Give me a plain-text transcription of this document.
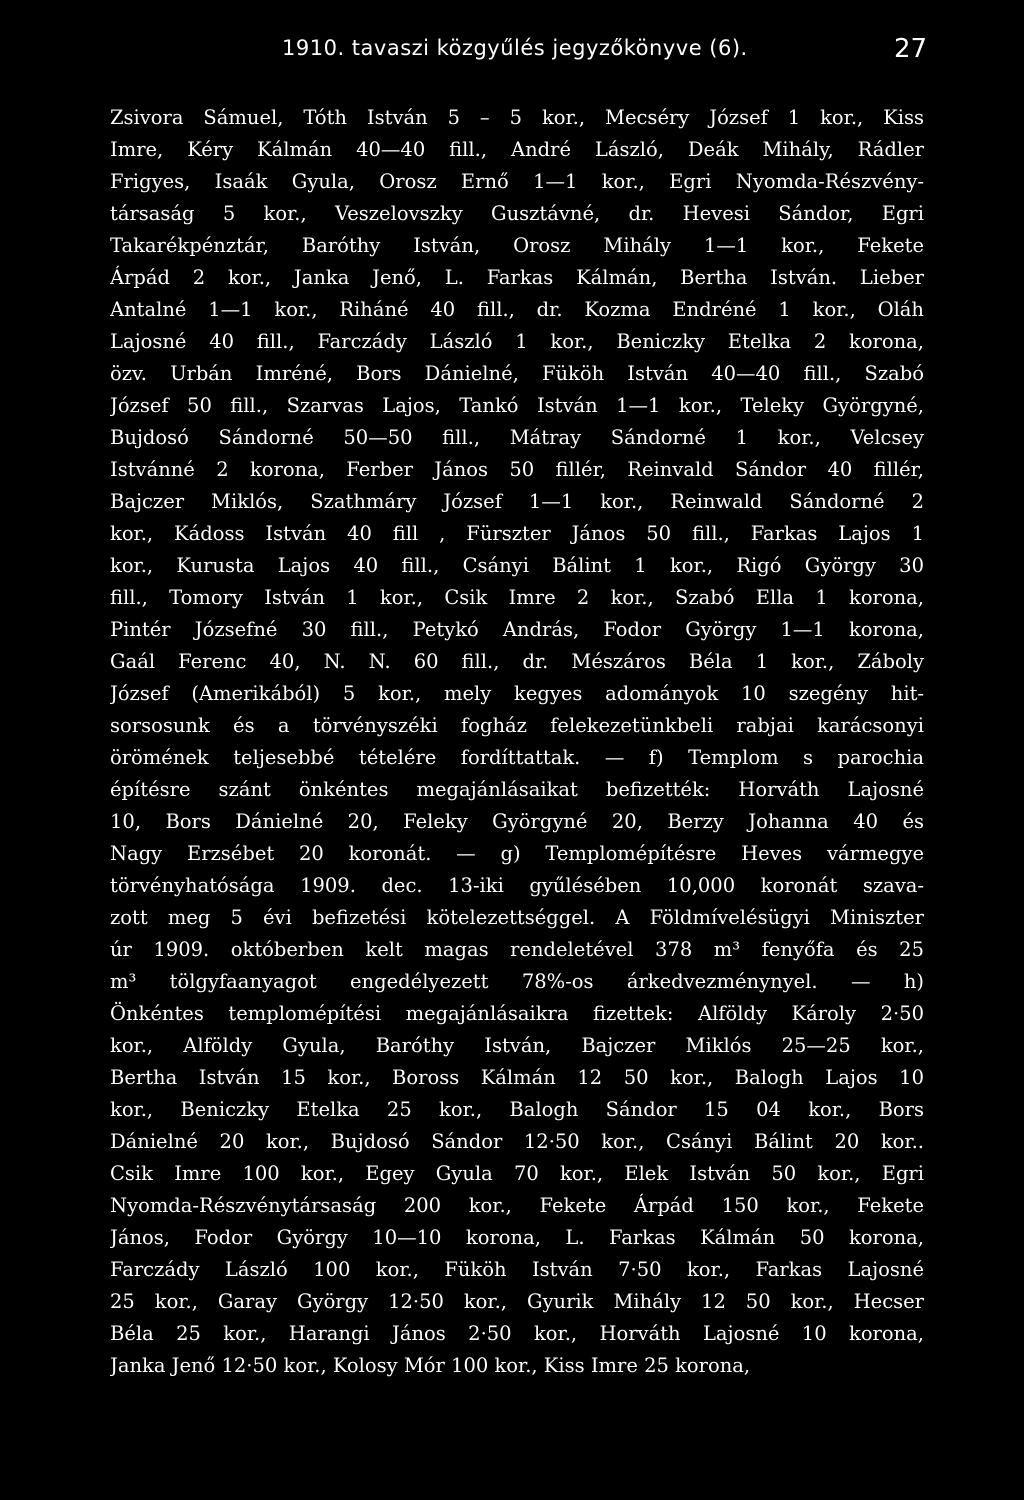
1910. tavaszi közgyűlés jegyzőkönyve (6).	27
Zsivora Sámuel, Tóth István 5 – 5 kor., Mecséry József 1 kor., Kiss
Imre, Kéry Kálmán 40—40 fill., André László, Deák Mihály, Rádler
Frigyes, Isaák Gyula, Orosz Ernő 1—1 kor., Egri Nyomda-Részvény-
társaság 5 kor., Veszelovszky Gusztávné, dr. Hevesi Sándor, Egri
Takarékpénztár, Baróthy István, Orosz Mihály 1—1 kor., Fekete
Árpád 2 kor., Janka Jenő, L. Farkas Kálmán, Bertha István. Lieber
Antalné 1—1 kor., Riháné 40 fill., dr. Kozma Endréné 1 kor., Oláh
Lajosné 40 fill., Farczády László 1 kor., Beniczky Etelka 2 korona,
özv. Urbán Imréné, Bors Dánielné, Füköh István 40—40 fill., Szabó
József 50 fill., Szarvas Lajos, Tankó István 1—1 kor., Teleky Györgyné,
Bujdosó Sándorné 50—50 fill., Mátray Sándorné 1 kor., Velcsey
Istvánné 2 korona, Ferber János 50 fillér, Reinvald Sándor 40 fillér,
Bajczer Miklós, Szathmáry József 1—1 kor., Reinwald Sándorné 2
kor., Kádoss István 40 fill , Fürszter János 50 fill., Farkas Lajos 1
kor., Kurusta Lajos 40 fill., Csányi Bálint 1 kor., Rigó György 30
fill., Tomory István 1 kor., Csik Imre 2 kor., Szabó Ella 1 korona,
Pintér Józsefné 30 fill., Petykó András, Fodor György 1—1 korona,
Gaál Ferenc 40, N. N. 60 fill., dr. Mészáros Béla 1 kor., Záboly
József (Amerikából) 5 kor., mely kegyes adományok 10 szegény hit-
sorsosunk és a törvényszéki fogház felekezetünkbeli rabjai karácsonyi
örömének teljesebbé tételére fordíttattak. — f) Templom s parochia
építésre szánt önkéntes megajánlásaikat befizették: Horváth Lajosné
10, Bors Dánielné 20, Feleky Györgyné 20, Berzy Johanna 40 és
Nagy Erzsébet 20 koronát. — g) Templomépítésre Heves vármegye
törvényhatósága 1909. dec. 13-iki gyűlésében 10,000 koronát szava-
zott meg 5 évi befizetési kötelezettséggel. A Földmívelésügyi Miniszter
úr 1909. októberben kelt magas rendeletével 378 m³ fenyőfa és 25
m³ tölgyfaanyagot engedélyezett 78%-os árkedvezménynyel. — h)
Önkéntes templomépítési megajánlásaikra fizettek: Alföldy Károly 2·50
kor., Alföldy Gyula, Baróthy István, Bajczer Miklós 25—25 kor.,
Bertha István 15 kor., Boross Kálmán 12 50 kor., Balogh Lajos 10
kor., Beniczky Etelka 25 kor., Balogh Sándor 15 04 kor., Bors
Dánielné 20 kor., Bujdosó Sándor 12·50 kor., Csányi Bálint 20 kor..
Csik Imre 100 kor., Egey Gyula 70 kor., Elek István 50 kor., Egri
Nyomda-Részvénytársaság 200 kor., Fekete Árpád 150 kor., Fekete
János, Fodor György 10—10 korona, L. Farkas Kálmán 50 korona,
Farczády László 100 kor., Füköh István 7·50 kor., Farkas Lajosné
25 kor., Garay György 12·50 kor., Gyurik Mihály 12 50 kor., Hecser
Béla 25 kor., Harangi János 2·50 kor., Horváth Lajosné 10 korona,
Janka Jenő 12·50 kor., Kolosy Mór 100 kor., Kiss Imre 25 korona,
